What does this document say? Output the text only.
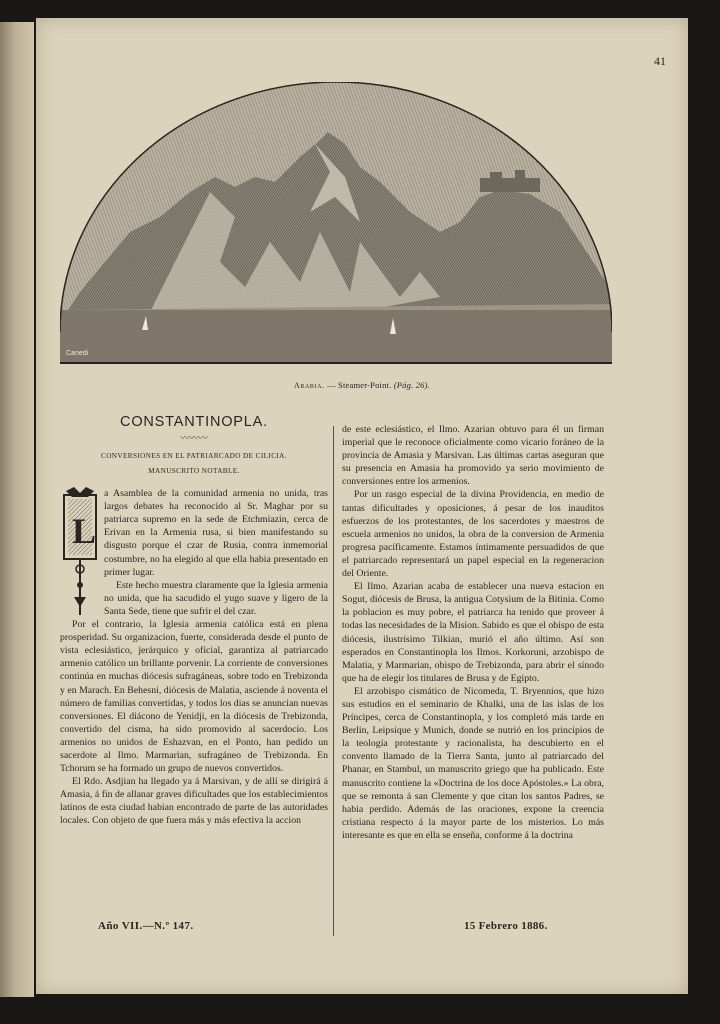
41
Canedi
Arabia. — Steamer-Point. (Pág. 26).
CONSTANTINOPLA.
〰〰〰

CONVERSIONES EN EL PATRIARCADO DE CILICIA.

MANUSCRITO NOTABLE.

L

a Asamblea de la comunidad armenia no unida, tras largos debates ha reconocido al Sr. Maghar por su patriarca supremo en la sede de Etchmiazin, cerca de Erivan en la Armenia rusa, si bien manifestando su disgusto porque el czar de Rusia, contra inmemorial costumbre, no ha elegido al que ella habia presentado en primer lugar.

Este hecho muestra claramente que la Iglesia armenia no unida, que ha sacudido el yugo suave y ligero de la Santa Sede, tiene que sufrir el del czar.

Por el contrario, la Iglesia armenia católica está en plena prosperidad. Su organizacion, fuerte, considerada desde el punto de vista eclesiástico, jerárquico y oficial, garantiza al patriarcado armenio católico un brillante porvenir. La corriente de conversiones continúa en muchas diócesis sufragáneas, sobre todo en Trebizonda y en Marach. En Behesni, diócesis de Malatia, asciende á noventa el número de familias convertidas, y todos los dias se anuncian nuevas conversiones. El diácono de Yenidji, en la diócesis de Trebizonda, convertido del cisma, ha sido promovido al sacerdocio. Los armenios no unidos de Eshazvan, en el Ponto, han pedido un sacerdote al Ilmo. Marmarian, sufragáneo de Trebizonda. En Tchorum se ha formado un grupo de nuevos convertidos.

El Rdo. Asdjian ha llegado ya á Marsivan, y de allí se dirigirá á Amasia, á fin de allanar graves dificultades que los establecimientos latinos de esta ciudad habian encontrado de parte de las autoridades locales. Con objeto de que fuera más y más efectiva la accion

de este eclesiástico, el Ilmo. Azarian obtuvo para él un firman imperial que le reconoce oficialmente como vicario foráneo de la provincia de Amasia y Marsivan. Las últimas cartas aseguran que su presencia en Amasia ha promovido ya serio movimiento de conversiones entre los armenios.

Por un rasgo especial de la divina Providencia, en medio de tantas dificultades y oposiciones, á pesar de los inauditos esfuerzos de los protestantes, de los sacerdotes y maestros de escuela armenios no unidos, la obra de la conversion de Armenia progresa pacíficamente. Estamos íntimamente persuadidos de que el patriarcado representará un papel especial en la regeneracion del Oriente.

El Ilmo. Azarian acaba de establecer una nueva estacion en Sogut, diócesis de Brusa, la antigua Cotysium de la Bitinia. Como la poblacion es muy pobre, el patriarca ha tenido que proveer á todas las necesidades de la Mision. Sabido es que el obispo de esta diócesis, ilustrísimo Tilkian, murió el año último. Así son esperados en Constantinopla los Ilmos. Korkoruni, arzobispo de Malatia, y Marmarian, obispo de Trebizonda, para abrir el sínodo que ha de elegir los titulares de Brusa y de Egipto.

El arzobispo cismático de Nicomeda, T. Bryennios, que hizo sus estudios en el seminario de Khalki, una de las islas de los Príncipes, cerca de Constantinopla, y los completó más tarde en Berlin, Leipsique y Munich, donde se nutrió en los principios de la teología protestante y racionalista, ha descubierto en el convento llamado de la Tierra Santa, junto al patriarcado del Phanar, en Stambul, un manuscrito griego que ha publicado. Este manuscrito contiene la «Doctrina de los doce Apóstoles.» La obra, que se remonta á san Clemente y que citan los santos Padres, se habia perdido. Además de las oraciones, expone la creencia cristiana respecto á la mayor parte de los misterios. Lo más interesante es que en ella se enseña, conforme á la doctrina

Año VII.—N.º 147.	15 Febrero 1886.
